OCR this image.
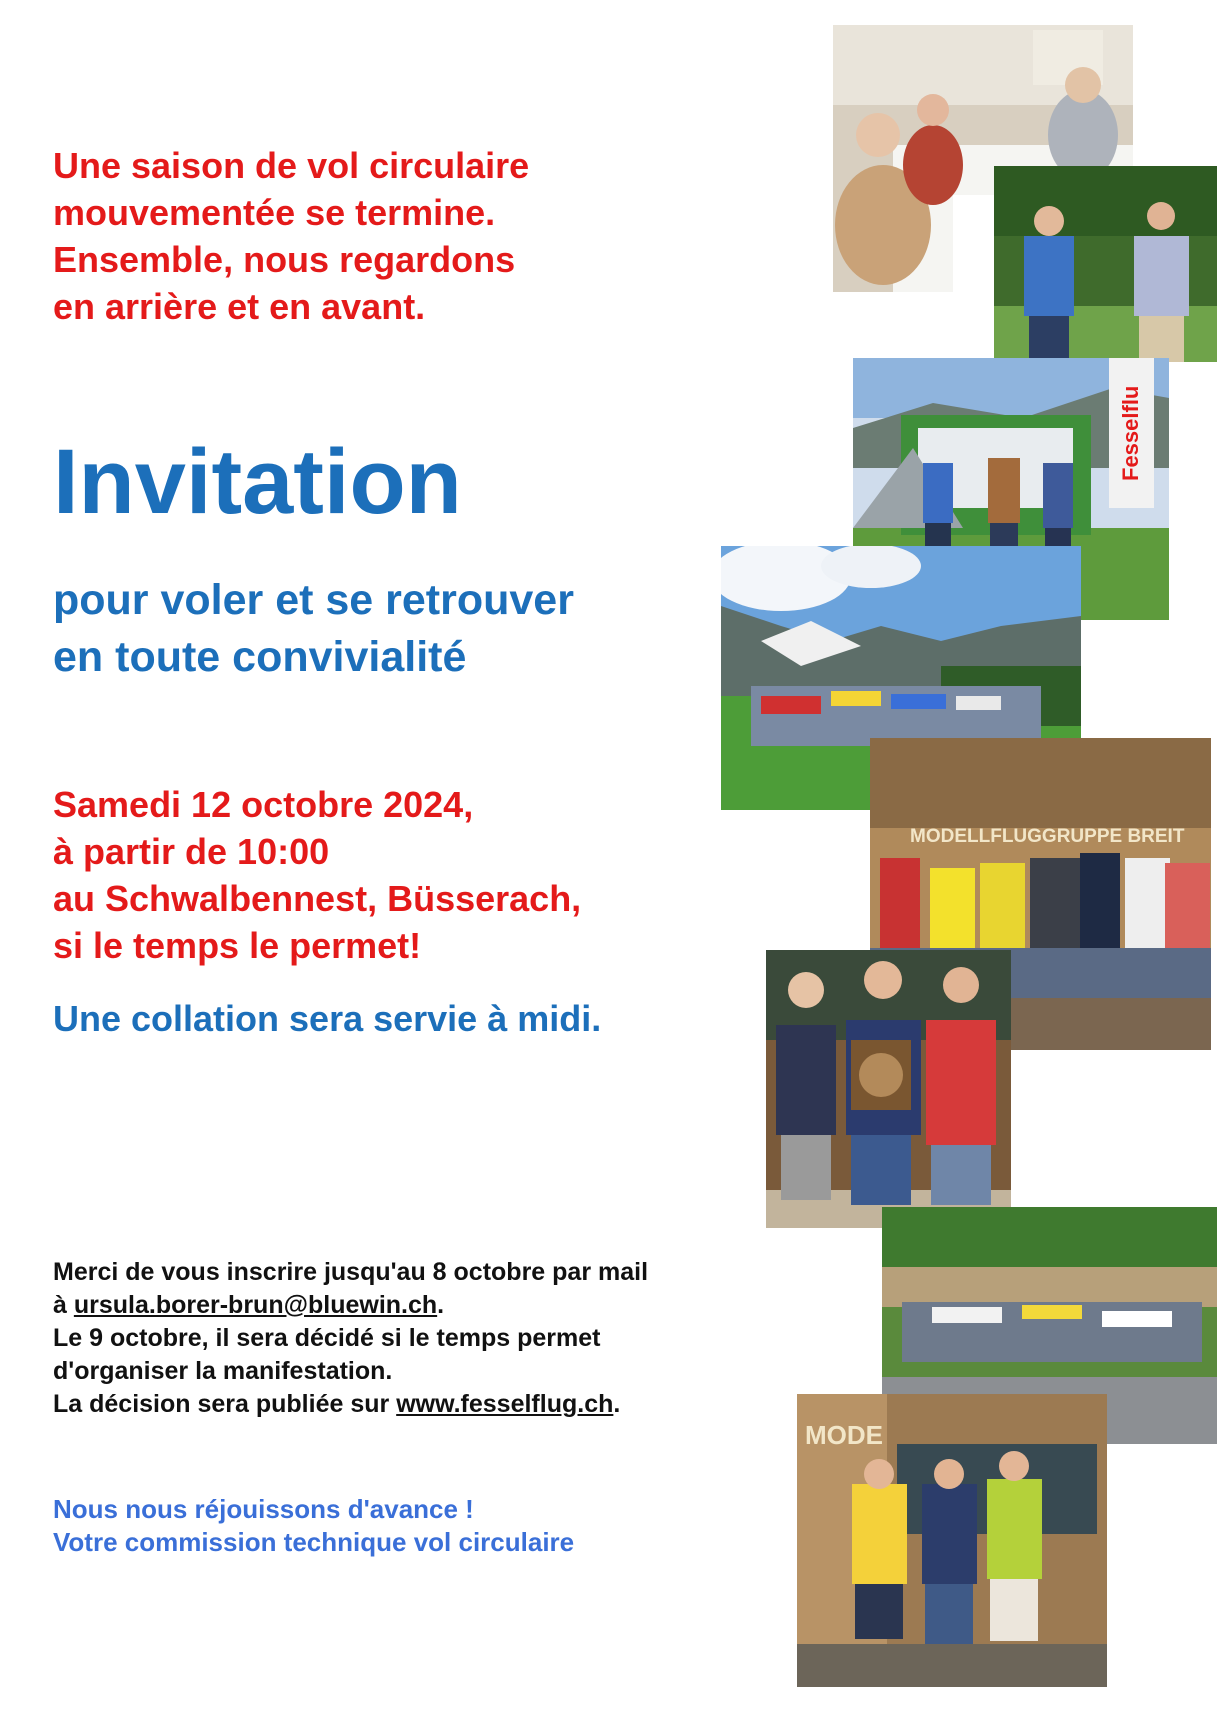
Une saison de vol circulaire
mouvementée se termine.
Ensemble, nous regardons
en arrière et en avant.
Invitation
pour voler et se retrouver
en toute convivialité
Samedi 12 octobre 2024,
à partir de 10:00
au Schwalbennest, Büsserach,
si le temps le permet!
Une collation sera servie à midi.
Merci de vous inscrire jusqu'au 8 octobre par mail
à ursula.borer-brun@bluewin.ch.
Le 9 octobre, il sera décidé si le temps permet
d'organiser la manifestation.
La décision sera publiée sur www.fesselflug.ch.
Nous nous réjouissons d'avance !
Votre commission technique vol circulaire
Fesselflu
MODELLFLUGGRUPPE BREIT
MODE
